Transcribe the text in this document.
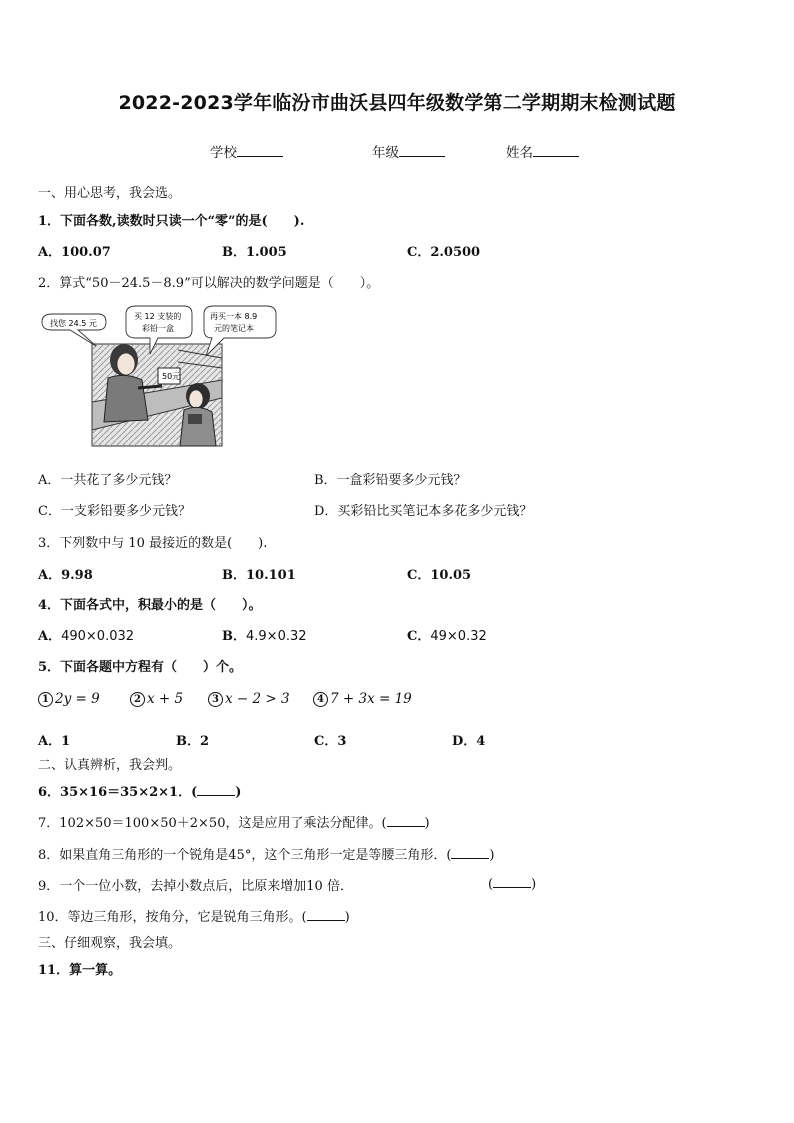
2022-2023学年临汾市曲沃县四年级数学第二学期期末检测试题
学校	年级	姓名
一、用心思考，我会选。
1．下面各数,读数时只读一个“零”的是(　　).
A．100.07	B．1.005	C．2.0500
2．算式“50－24.5－8.9”可以解决的数学问题是（　　）。
50元
找您 24.5 元
买 12 支装的
彩铅一盒
再买一本 8.9
元的笔记本
A．一共花了多少元钱？	B．一盒彩铅要多少元钱？
C．一支彩铅要多少元钱？	D．买彩铅比买笔记本多花多少元钱？
3．下列数中与 10 最接近的数是(　　).
A．9.98	B．10.101	C．10.05
4．下面各式中，积最小的是（　　）。
A．490×0.032	B．4.9×0.32	C．49×0.32
5．下面各题中方程有（　　）个。
1 2y = 9	2 x + 5	3 x − 2 > 3	4 7 + 3x = 19
A．1	B．2	C．3	D．4
二、认真辨析，我会判。
6．35×16＝35×2×1．(	)
7．102×50＝100×50＋2×50，这是应用了乘法分配律。(	)
8．如果直角三角形的一个锐角是45°，这个三角形一定是等腰三角形．(	)
9．一个一位小数，去掉小数点后，比原来增加10 倍．	(	)
10．等边三角形，按角分，它是锐角三角形。(	)
三、仔细观察，我会填。
11．算一算。
